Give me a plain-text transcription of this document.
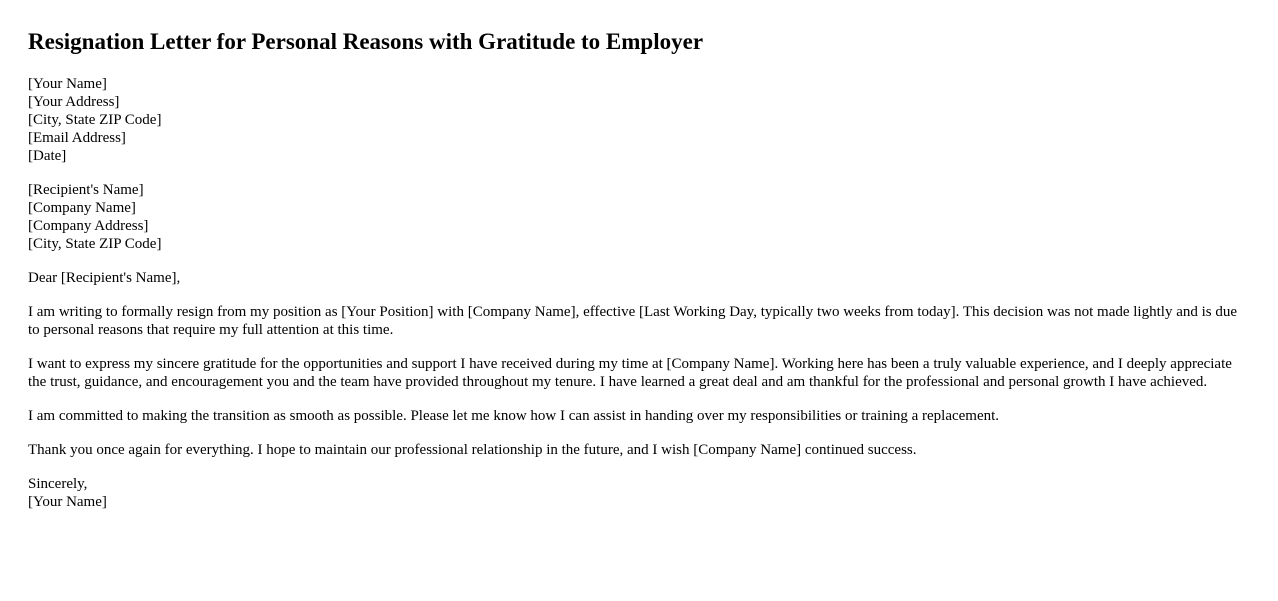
Resignation Letter for Personal Reasons with Gratitude to Employer
[Your Name]
[Your Address]
[City, State ZIP Code]
[Email Address]
[Date]
[Recipient's Name]
[Company Name]
[Company Address]
[City, State ZIP Code]

Dear [Recipient's Name],

I am writing to formally resign from my position as [Your Position] with [Company Name], effective [Last Working Day, typically two weeks from today]. This decision was not made lightly and is due to personal reasons that require my full attention at this time.

I want to express my sincere gratitude for the opportunities and support I have received during my time at [Company Name]. Working here has been a truly valuable experience, and I deeply appreciate the trust, guidance, and encouragement you and the team have provided throughout my tenure. I have learned a great deal and am thankful for the professional and personal growth I have achieved.

I am committed to making the transition as smooth as possible. Please let me know how I can assist in handing over my responsibilities or training a replacement.

Thank you once again for everything. I hope to maintain our professional relationship in the future, and I wish [Company Name] continued success.

Sincerely,
[Your Name]
